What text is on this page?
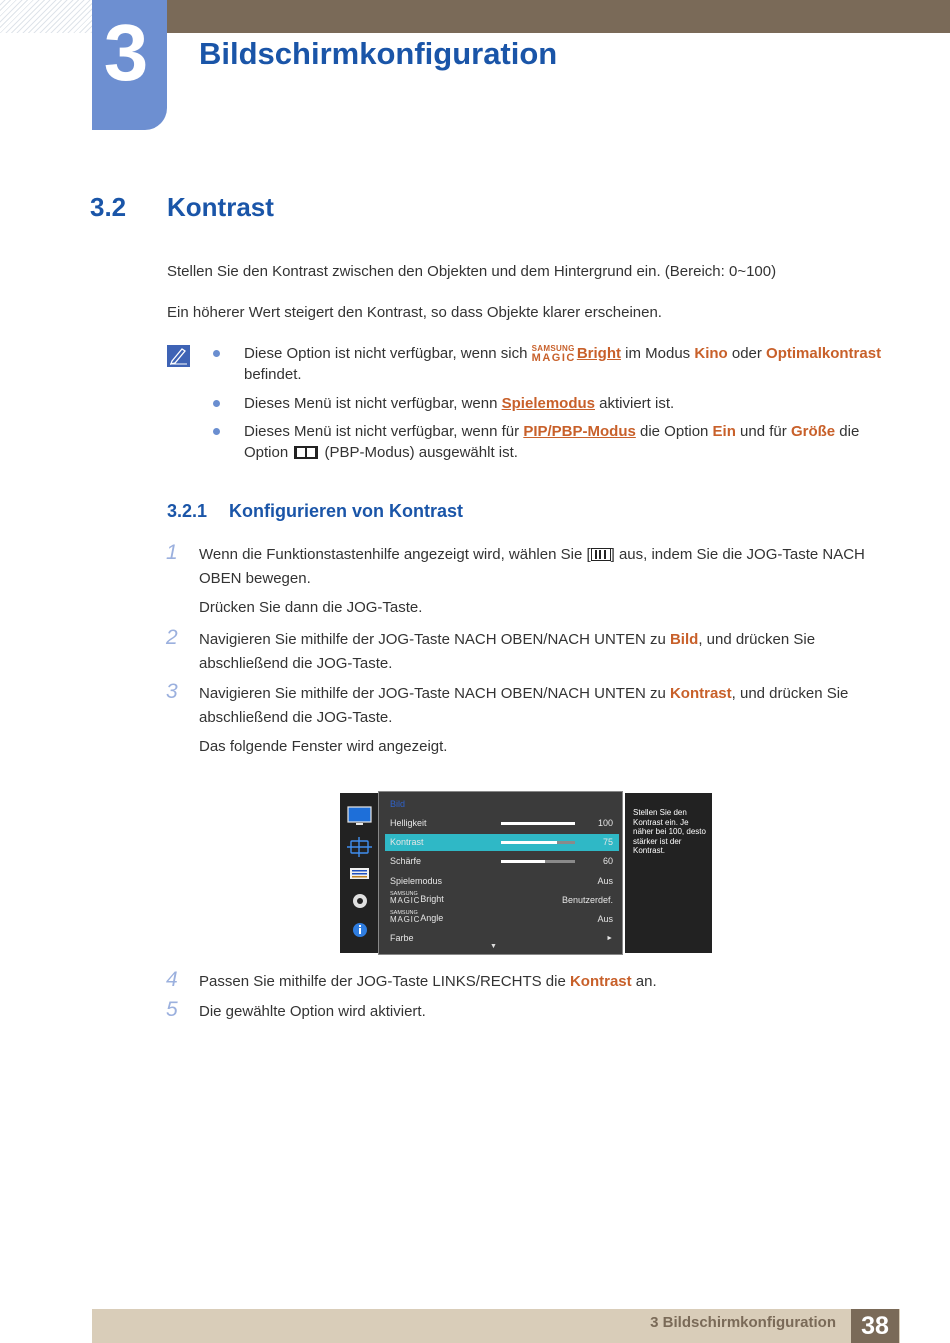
3	Bildschirmkonfiguration
3.2 Kontrast
Stellen Sie den Kontrast zwischen den Objekten und dem Hintergrund ein. (Bereich: 0~100)
Ein höherer Wert steigert den Kontrast, so dass Objekte klarer erscheinen.
Diese Option ist nicht verfügbar, wenn sich SAMSUNG
MAGIC Bright im Modus Kino oder Optimalkontrast
befindet.
Dieses Menü ist nicht verfügbar, wenn Spielemodus aktiviert ist.
Dieses Menü ist nicht verfügbar, wenn für PIP/PBP-Modus die Option Ein und für Größe die
Option  (PBP-Modus) ausgewählt ist.
3.2.1 Konfigurieren von Kontrast
1 Wenn die Funktionstastenhilfe angezeigt wird, wählen Sie [ ] aus, indem Sie die JOG-Taste NACH
OBEN bewegen.
Drücken Sie dann die JOG-Taste.
2 Navigieren Sie mithilfe der JOG-Taste NACH OBEN/NACH UNTEN zu Bild, und drücken Sie
abschließend die JOG-Taste.
3 Navigieren Sie mithilfe der JOG-Taste NACH OBEN/NACH UNTEN zu Kontrast, und drücken Sie
abschließend die JOG-Taste.
Das folgende Fenster wird angezeigt.
Bild
Helligkeit	100
Kontrast	75
Schärfe	60
Spielemodus	Aus
SAMSUNG
MAGIC Bright	Benutzerdef.
SAMSUNG
MAGIC Angle	Aus
Farbe	►
▼
Stellen Sie den Kontrast ein. Je näher bei 100, desto stärker ist der Kontrast.
4 Passen Sie mithilfe der JOG-Taste LINKS/RECHTS die Kontrast an.
5 Die gewählte Option wird aktiviert.
3 Bildschirmkonfiguration	38
